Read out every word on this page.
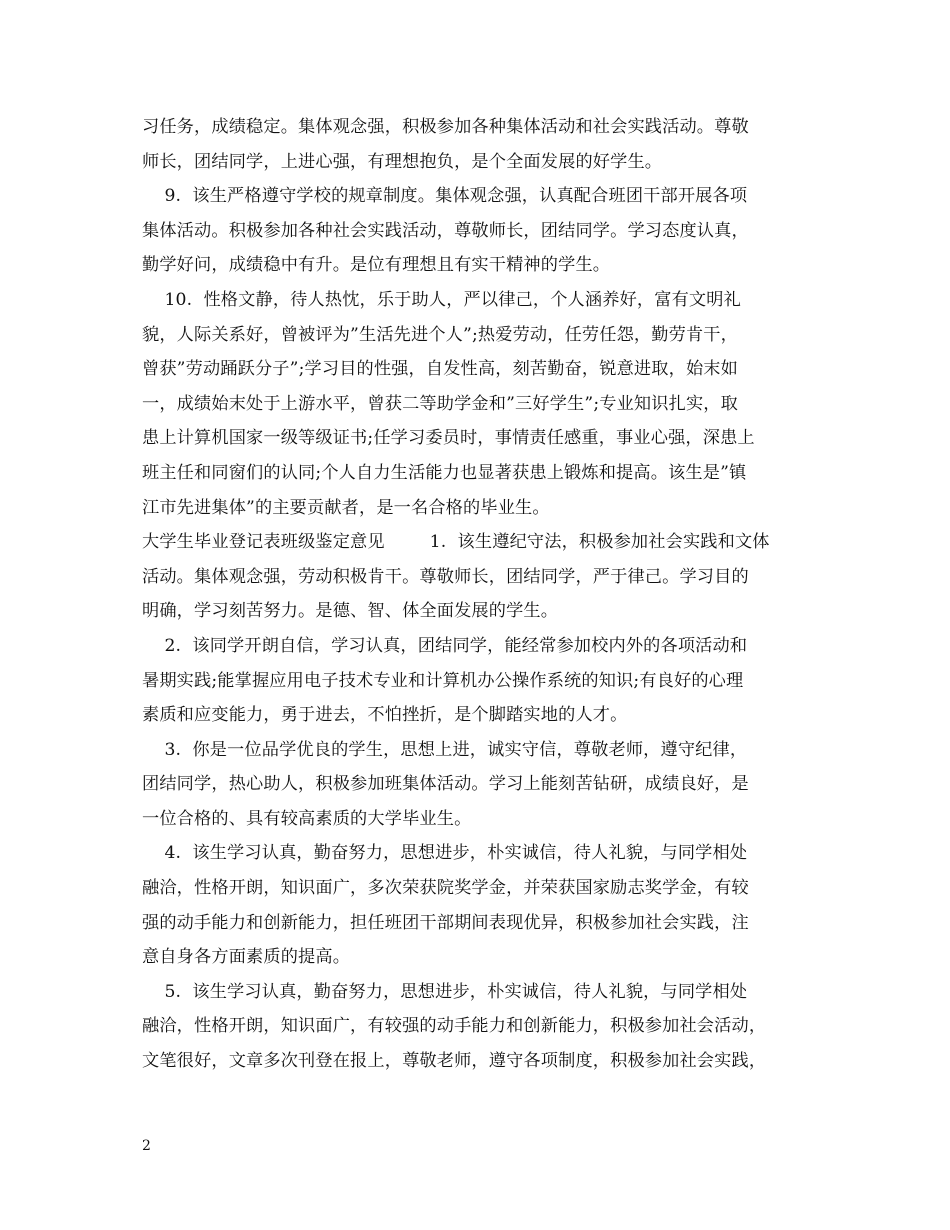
习任务，成绩稳定。集体观念强，积极参加各种集体活动和社会实践活动。尊敬
师长，团结同学，上进心强，有理想抱负，是个全面发展的好学生。
9.  该生严格遵守学校的规章制度。集体观念强，认真配合班团干部开展各项
集体活动。积极参加各种社会实践活动，尊敬师长，团结同学。学习态度认真，
勤学好问，成绩稳中有升。是位有理想且有实干精神的学生。
10.  性格文静，待人热忱，乐于助人，严以律己，个人涵养好，富有文明礼
貌，人际关系好，曾被评为”生活先进个人”;热爱劳动，任劳任怨，勤劳肯干，
曾获”劳动踊跃分子”;学习目的性强，自发性高，刻苦勤奋，锐意进取，始末如
一，成绩始末处于上游水平，曾获二等助学金和”三好学生”;专业知识扎实，取
患上计算机国家一级等级证书;任学习委员时，事情责任感重，事业心强，深患上
班主任和同窗们的认同;个人自力生活能力也显著获患上锻炼和提高。该生是”镇
江市先进集体”的主要贡献者，是一名合格的毕业生。
大学生毕业登记表班级鉴定意见        1.  该生遵纪守法，积极参加社会实践和文体
活动。集体观念强，劳动积极肯干。尊敬师长，团结同学，严于律己。学习目的
明确，学习刻苦努力。是德、智、体全面发展的学生。
2.  该同学开朗自信，学习认真，团结同学，能经常参加校内外的各项活动和
暑期实践;能掌握应用电子技术专业和计算机办公操作系统的知识;有良好的心理
素质和应变能力，勇于进去，不怕挫折，是个脚踏实地的人才。
3.  你是一位品学优良的学生，思想上进，诚实守信，尊敬老师，遵守纪律，
团结同学，热心助人，积极参加班集体活动。学习上能刻苦钻研，成绩良好，是
一位合格的、具有较高素质的大学毕业生。
4.  该生学习认真，勤奋努力，思想进步，朴实诚信，待人礼貌，与同学相处
融洽，性格开朗，知识面广，多次荣获院奖学金，并荣获国家励志奖学金，有较
强的动手能力和创新能力，担任班团干部期间表现优异，积极参加社会实践，注
意自身各方面素质的提高。
5.  该生学习认真，勤奋努力，思想进步，朴实诚信，待人礼貌，与同学相处
融洽，性格开朗，知识面广，有较强的动手能力和创新能力，积极参加社会活动，
文笔很好，文章多次刊登在报上，尊敬老师，遵守各项制度，积极参加社会实践，
2
